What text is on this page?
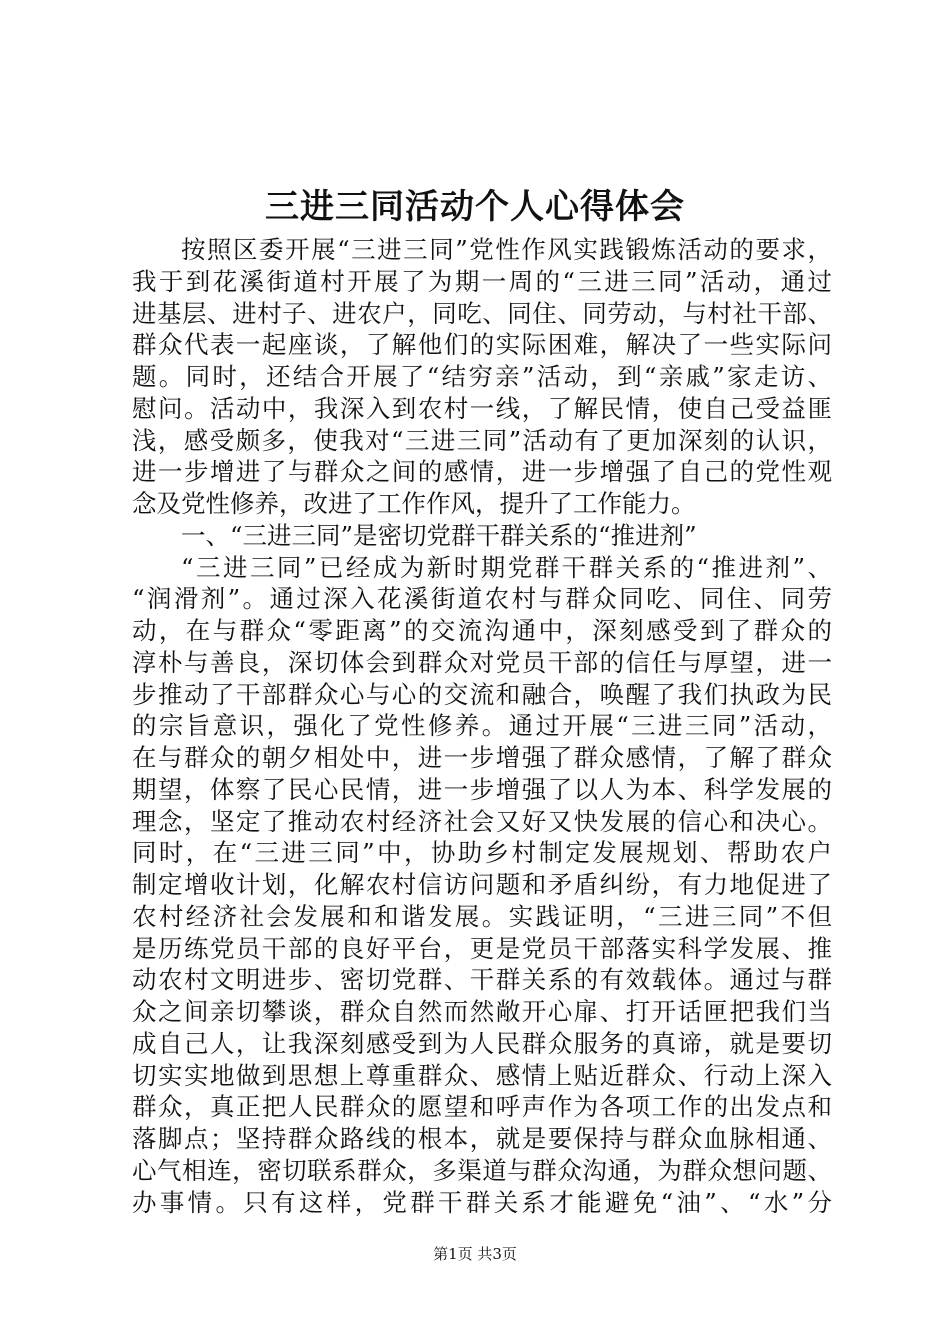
三进三同活动个人心得体会
按照区委开展“三进三同”党性作风实践锻炼活动的要求，
我于到花溪街道村开展了为期一周的“三进三同”活动，通过
进基层、进村子、进农户，同吃、同住、同劳动，与村社干部、
群众代表一起座谈，了解他们的实际困难，解决了一些实际问
题。同时，还结合开展了“结穷亲”活动，到“亲戚”家走访、
慰问。活动中，我深入到农村一线，了解民情，使自己受益匪
浅，感受颇多，使我对“三进三同”活动有了更加深刻的认识，
进一步增进了与群众之间的感情，进一步增强了自己的党性观
念及党性修养，改进了工作作风，提升了工作能力。
一、“三进三同”是密切党群干群关系的“推进剂”
“三进三同”已经成为新时期党群干群关系的“推进剂”、
“润滑剂”。通过深入花溪街道农村与群众同吃、同住、同劳
动，在与群众“零距离”的交流沟通中，深刻感受到了群众的
淳朴与善良，深切体会到群众对党员干部的信任与厚望，进一
步推动了干部群众心与心的交流和融合，唤醒了我们执政为民
的宗旨意识，强化了党性修养。通过开展“三进三同”活动，
在与群众的朝夕相处中，进一步增强了群众感情，了解了群众
期望，体察了民心民情，进一步增强了以人为本、科学发展的
理念，坚定了推动农村经济社会又好又快发展的信心和决心。
同时，在“三进三同”中，协助乡村制定发展规划、帮助农户
制定增收计划，化解农村信访问题和矛盾纠纷，有力地促进了
农村经济社会发展和和谐发展。实践证明，“三进三同”不但
是历练党员干部的良好平台，更是党员干部落实科学发展、推
动农村文明进步、密切党群、干群关系的有效载体。通过与群
众之间亲切攀谈，群众自然而然敞开心扉、打开话匣把我们当
成自己人，让我深刻感受到为人民群众服务的真谛，就是要切
切实实地做到思想上尊重群众、感情上贴近群众、行动上深入
群众，真正把人民群众的愿望和呼声作为各项工作的出发点和
落脚点；坚持群众路线的根本，就是要保持与群众血脉相通、
心气相连，密切联系群众，多渠道与群众沟通，为群众想问题、
办事情。只有这样，党群干群关系才能避免“油”、“水”分
第1页 共3页
